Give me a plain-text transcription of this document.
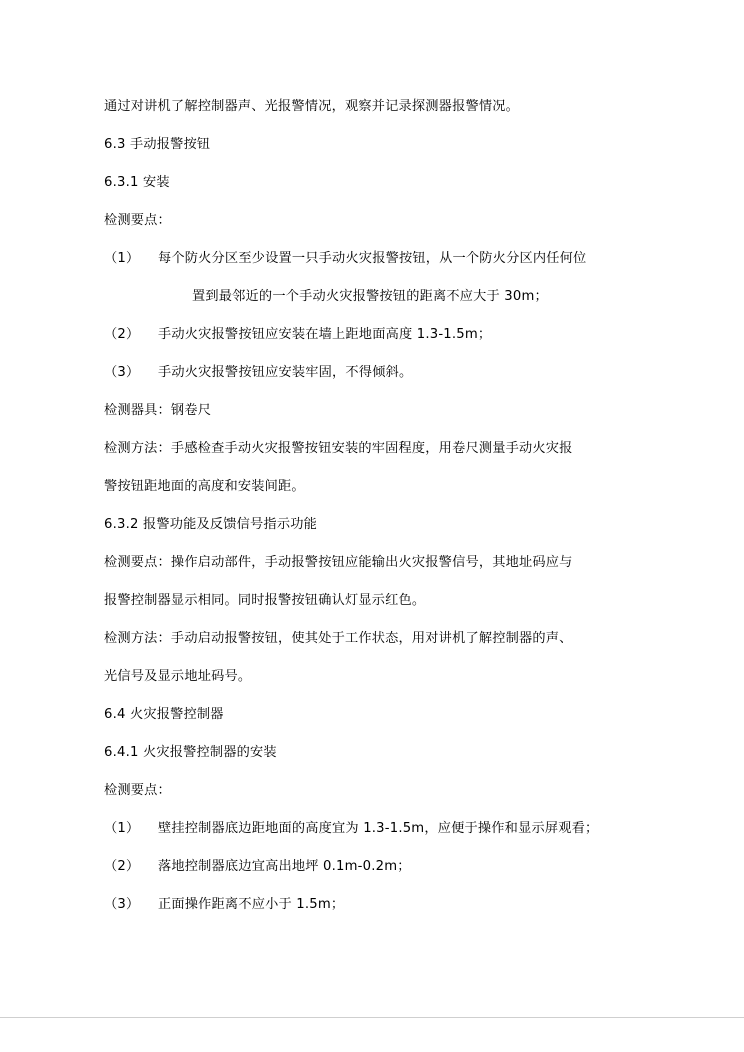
通过对讲机了解控制器声、光报警情况，观察并记录探测器报警情况。
6.3 手动报警按钮
6.3.1 安装
检测要点：
（1） 每个防火分区至少设置一只手动火灾报警按钮，从一个防火分区内任何位
置到最邻近的一个手动火灾报警按钮的距离不应大于 30m；
（2） 手动火灾报警按钮应安装在墙上距地面高度 1.3-1.5m；
（3） 手动火灾报警按钮应安装牢固，不得倾斜。
检测器具：钢卷尺
检测方法：手感检查手动火灾报警按钮安装的牢固程度，用卷尺测量手动火灾报 警按钮距地面的高度和安装间距。
6.3.2 报警功能及反馈信号指示功能
检测要点：操作启动部件，手动报警按钮应能输出火灾报警信号，其地址码应与 报警控制器显示相同。同时报警按钮确认灯显示红色。
检测方法：手动启动报警按钮，使其处于工作状态，用对讲机了解控制器的声、 光信号及显示地址码号。
6.4 火灾报警控制器
6.4.1 火灾报警控制器的安装
检测要点：
（1） 壁挂控制器底边距地面的高度宜为 1.3-1.5m，应便于操作和显示屏观看；
（2） 落地控制器底边宜高出地坪 0.1m-0.2m；
（3） 正面操作距离不应小于 1.5m；
